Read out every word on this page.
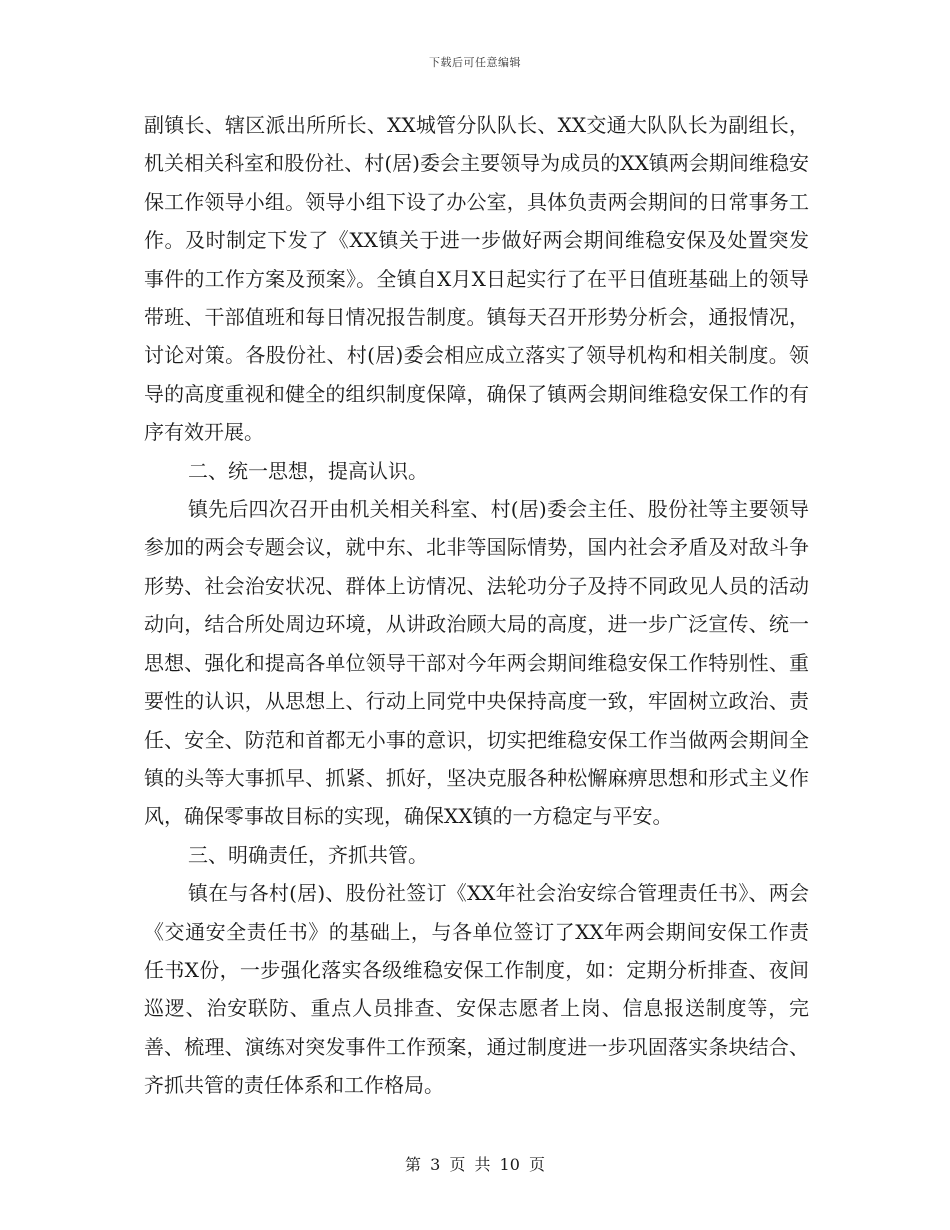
下载后可任意编辑

副镇长、辖区派出所所长、XX城管分队队长、XX交通大队队长为副组长，机关相关科室和股份社、村(居)委会主要领导为成员的XX镇两会期间维稳安保工作领导小组。领导小组下设了办公室，具体负责两会期间的日常事务工作。及时制定下发了《XX镇关于进一步做好两会期间维稳安保及处置突发事件的工作方案及预案》。全镇自X月X日起实行了在平日值班基础上的领导带班、干部值班和每日情况报告制度。镇每天召开形势分析会，通报情况，讨论对策。各股份社、村(居)委会相应成立落实了领导机构和相关制度。领导的高度重视和健全的组织制度保障，确保了镇两会期间维稳安保工作的有序有效开展。

二、统一思想，提高认识。

镇先后四次召开由机关相关科室、村(居)委会主任、股份社等主要领导参加的两会专题会议，就中东、北非等国际情势，国内社会矛盾及对敌斗争形势、社会治安状况、群体上访情况、法轮功分子及持不同政见人员的活动动向，结合所处周边环境，从讲政治顾大局的高度，进一步广泛宣传、统一思想、强化和提高各单位领导干部对今年两会期间维稳安保工作特别性、重要性的认识，从思想上、行动上同党中央保持高度一致，牢固树立政治、责任、安全、防范和首都无小事的意识，切实把维稳安保工作当做两会期间全镇的头等大事抓早、抓紧、抓好，坚决克服各种松懈麻痹思想和形式主义作风，确保零事故目标的实现，确保XX镇的一方稳定与平安。

三、明确责任，齐抓共管。

镇在与各村(居)、股份社签订《XX年社会治安综合管理责任书》、两会《交通安全责任书》的基础上，与各单位签订了XX年两会期间安保工作责任书X份，一步强化落实各级维稳安保工作制度，如：定期分析排查、夜间巡逻、治安联防、重点人员排查、安保志愿者上岗、信息报送制度等，完善、梳理、演练对突发事件工作预案，通过制度进一步巩固落实条块结合、齐抓共管的责任体系和工作格局。

第 3 页 共 10 页
